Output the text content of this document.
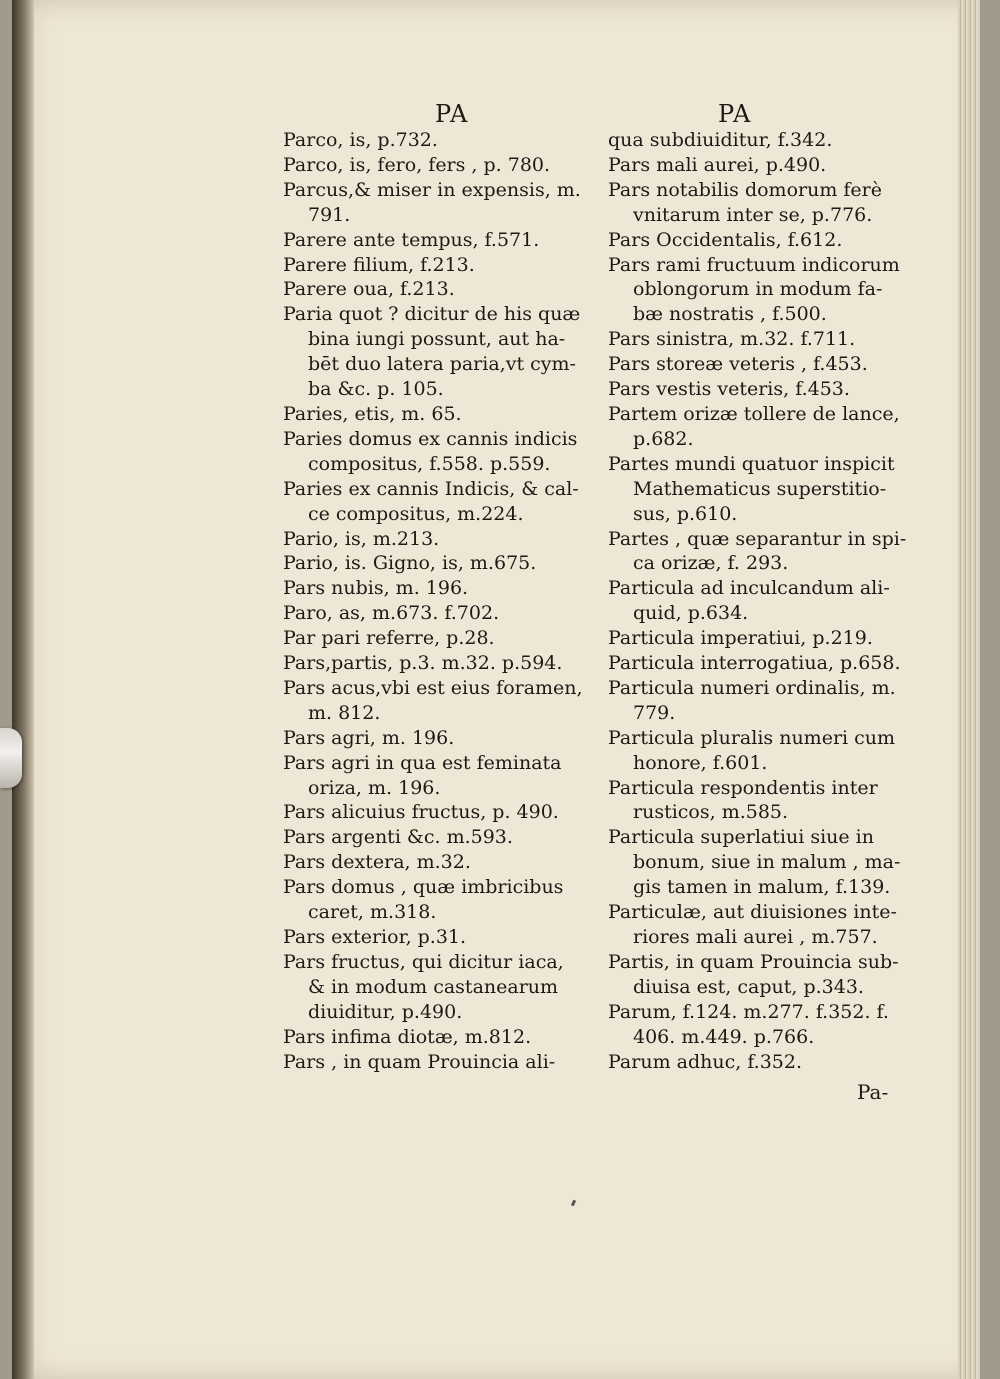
PA	PA
Parco, is, p.732.
Parco, is, fero, fers , p. 780.
Parcus,& miser in expensis, m.
791.
Parere ante tempus, f.571.
Parere filium, f.213.
Parere oua, f.213.
Paria quot ? dicitur de his quæ
bina iungi possunt, aut ha-
bēt duo latera paria,vt cym-
ba &c. p. 105.
Paries, etis, m. 65.
Paries domus ex cannis indicis
compositus, f.558. p.559.
Paries ex cannis Indicis, & cal-
ce compositus, m.224.
Pario, is, m.213.
Pario, is. Gigno, is, m.675.
Pars nubis, m. 196.
Paro, as, m.673. f.702.
Par pari referre, p.28.
Pars,partis, p.3. m.32. p.594.
Pars acus,vbi est eius foramen,
m. 812.
Pars agri, m. 196.
Pars agri in qua est feminata
oriza, m. 196.
Pars alicuius fructus, p. 490.
Pars argenti &c. m.593.
Pars dextera, m.32.
Pars domus , quæ imbricibus
caret, m.318.
Pars exterior, p.31.
Pars fructus, qui dicitur iaca,
& in modum castanearum
diuiditur, p.490.
Pars infima diotæ, m.812.
Pars , in quam Prouincia ali-
qua subdiuiditur, f.342.
Pars mali aurei, p.490.
Pars notabilis domorum ferè
vnitarum inter se, p.776.
Pars Occidentalis, f.612.
Pars rami fructuum indicorum
oblongorum in modum fa-
bæ nostratis , f.500.
Pars sinistra, m.32. f.711.
Pars storeæ veteris , f.453.
Pars vestis veteris, f.453.
Partem orizæ tollere de lance,
p.682.
Partes mundi quatuor inspicit
Mathematicus superstitio-
sus, p.610.
Partes , quæ separantur in spi-
ca orizæ, f. 293.
Particula ad inculcandum ali-
quid, p.634.
Particula imperatiui, p.219.
Particula interrogatiua, p.658.
Particula numeri ordinalis, m.
779.
Particula pluralis numeri cum
honore, f.601.
Particula respondentis inter
rusticos, m.585.
Particula superlatiui siue in
bonum, siue in malum , ma-
gis tamen in malum, f.139.
Particulæ, aut diuisiones inte-
riores mali aurei , m.757.
Partis, in quam Prouincia sub-
diuisa est, caput, p.343.
Parum, f.124. m.277. f.352. f.
406. m.449. p.766.
Parum adhuc, f.352.
Pa-
